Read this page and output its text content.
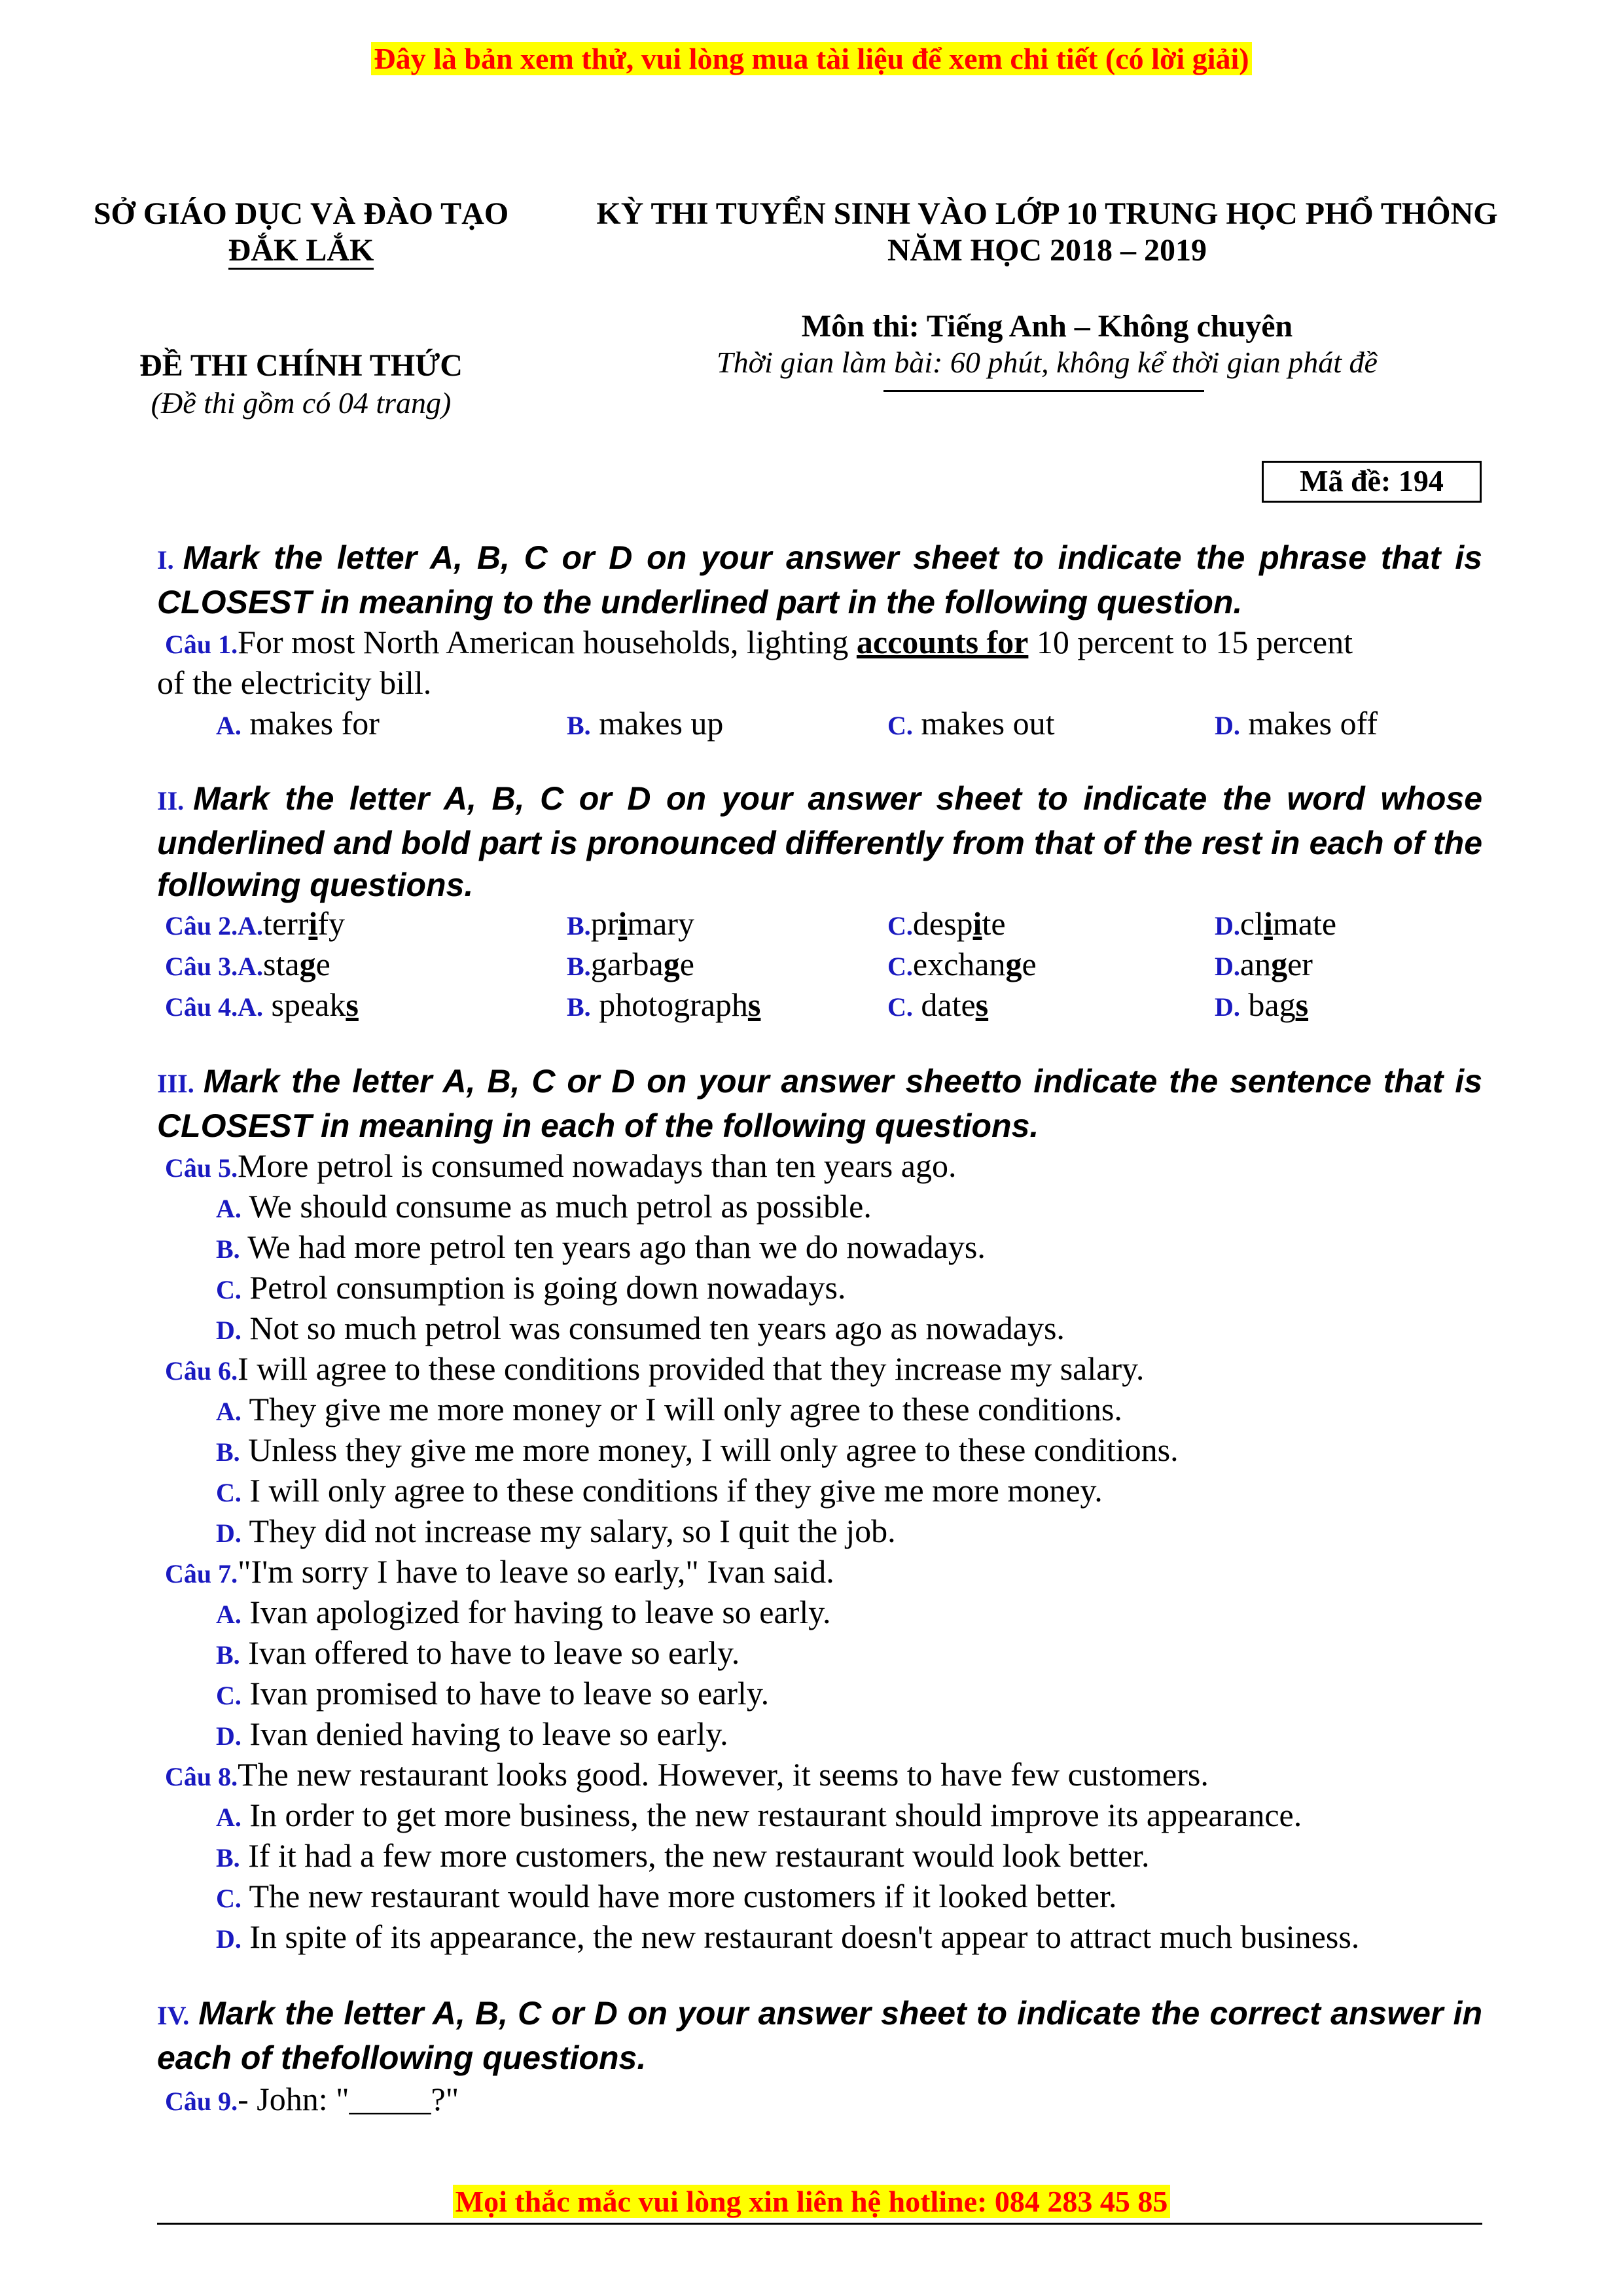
Đây là bản xem thử, vui lòng mua tài liệu để xem chi tiết (có lời giải)
SỞ GIÁO DỤC VÀ ĐÀO TẠO
ĐẮK LẮK
KỲ THI TUYỂN SINH VÀO LỚP 10 TRUNG HỌC PHỔ THÔNG
NĂM HỌC 2018 – 2019
Môn thi: Tiếng Anh – Không chuyên
Thời gian làm bài: 60 phút, không kể thời gian phát đề
ĐỀ THI CHÍNH THỨC
(Đề thi gồm có 04 trang)
Mã đề: 194
I. Mark the letter A, B, C or D on your answer sheet to indicate the phrase that is CLOSEST in meaning to the underlined part in the following question.
Câu 1.For most North American households, lighting accounts for 10 percent to 15 percent
of the electricity bill.
A. makes for	B. makes up	C. makes out	D. makes off
II. Mark the letter A, B, C or D on your answer sheet to indicate the word whose underlined and bold part is pronounced differently from that of the rest in each of the following questions.
Câu 2.A.terrify	B.primary	C.despite	D.climate
Câu 3.A.stage	B.garbage	C.exchange	D.anger
Câu 4.A. speaks	B. photographs	C. dates	D. bags
III. Mark the letter A, B, C or D on your answer sheetto indicate the sentence that is CLOSEST in meaning in each of the following questions.
Câu 5.More petrol is consumed nowadays than ten years ago.
A. We should consume as much petrol as possible.
B. We had more petrol ten years ago than we do nowadays.
C. Petrol consumption is going down nowadays.
D. Not so much petrol was consumed ten years ago as nowadays.
Câu 6.I will agree to these conditions provided that they increase my salary.
A. They give me more money or I will only agree to these conditions.
B. Unless they give me more money, I will only agree to these conditions.
C. I will only agree to these conditions if they give me more money.
D. They did not increase my salary, so I quit the job.
Câu 7."I'm sorry I have to leave so early," Ivan said.
A. Ivan apologized for having to leave so early.
B. Ivan offered to have to leave so early.
C. Ivan promised to have to leave so early.
D. Ivan denied having to leave so early.
Câu 8.The new restaurant looks good. However, it seems to have few customers.
A. In order to get more business, the new restaurant should improve its appearance.
B. If it had a few more customers, the new restaurant would look better.
C. The new restaurant would have more customers if it looked better.
D. In spite of its appearance, the new restaurant doesn't appear to attract much business.
IV. Mark the letter A, B, C or D on your answer sheet to indicate the correct answer in each of thefollowing questions.
Câu 9.- John: "_____?"
Mọi thắc mắc vui lòng xin liên hệ hotline: 084 283 45 85
